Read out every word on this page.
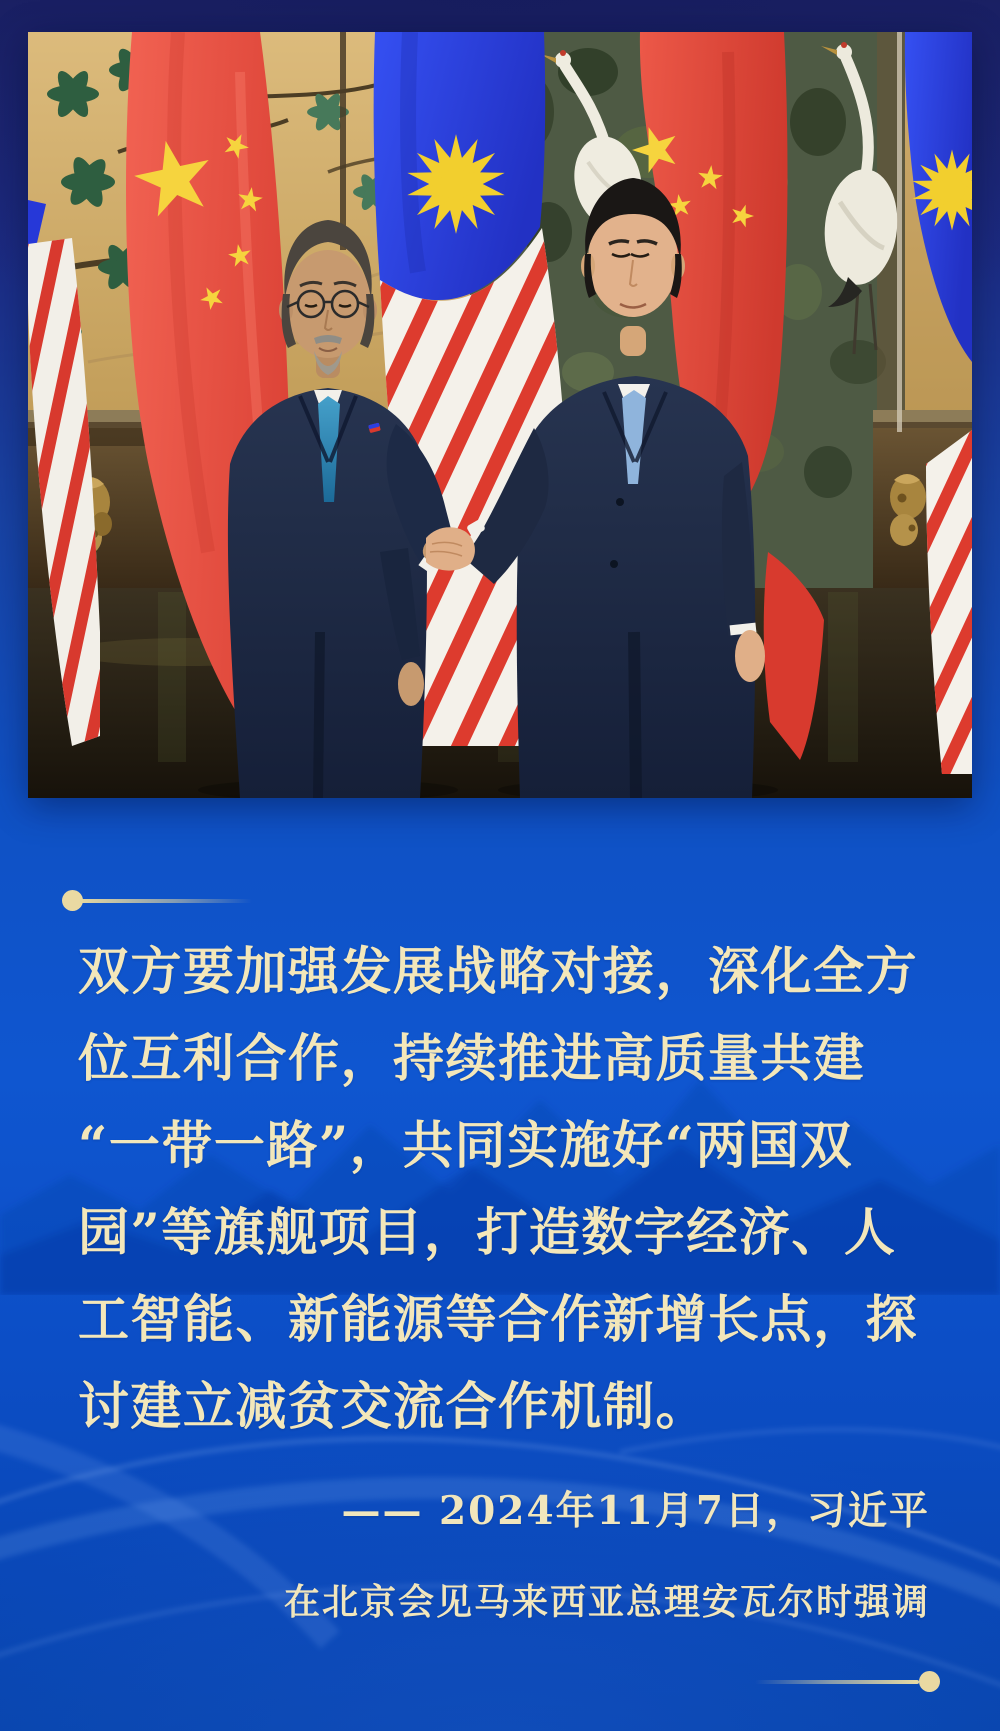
双方要加强发展战略对接，深化全方
位互利合作，持续推进高质量共建
“一带一路”，共同实施好“两国双
园”等旗舰项目，打造数字经济、人
工智能、新能源等合作新增长点，探
讨建立减贫交流合作机制。
—— 2024年11月7日，习近平
在北京会见马来西亚总理安瓦尔时强调
